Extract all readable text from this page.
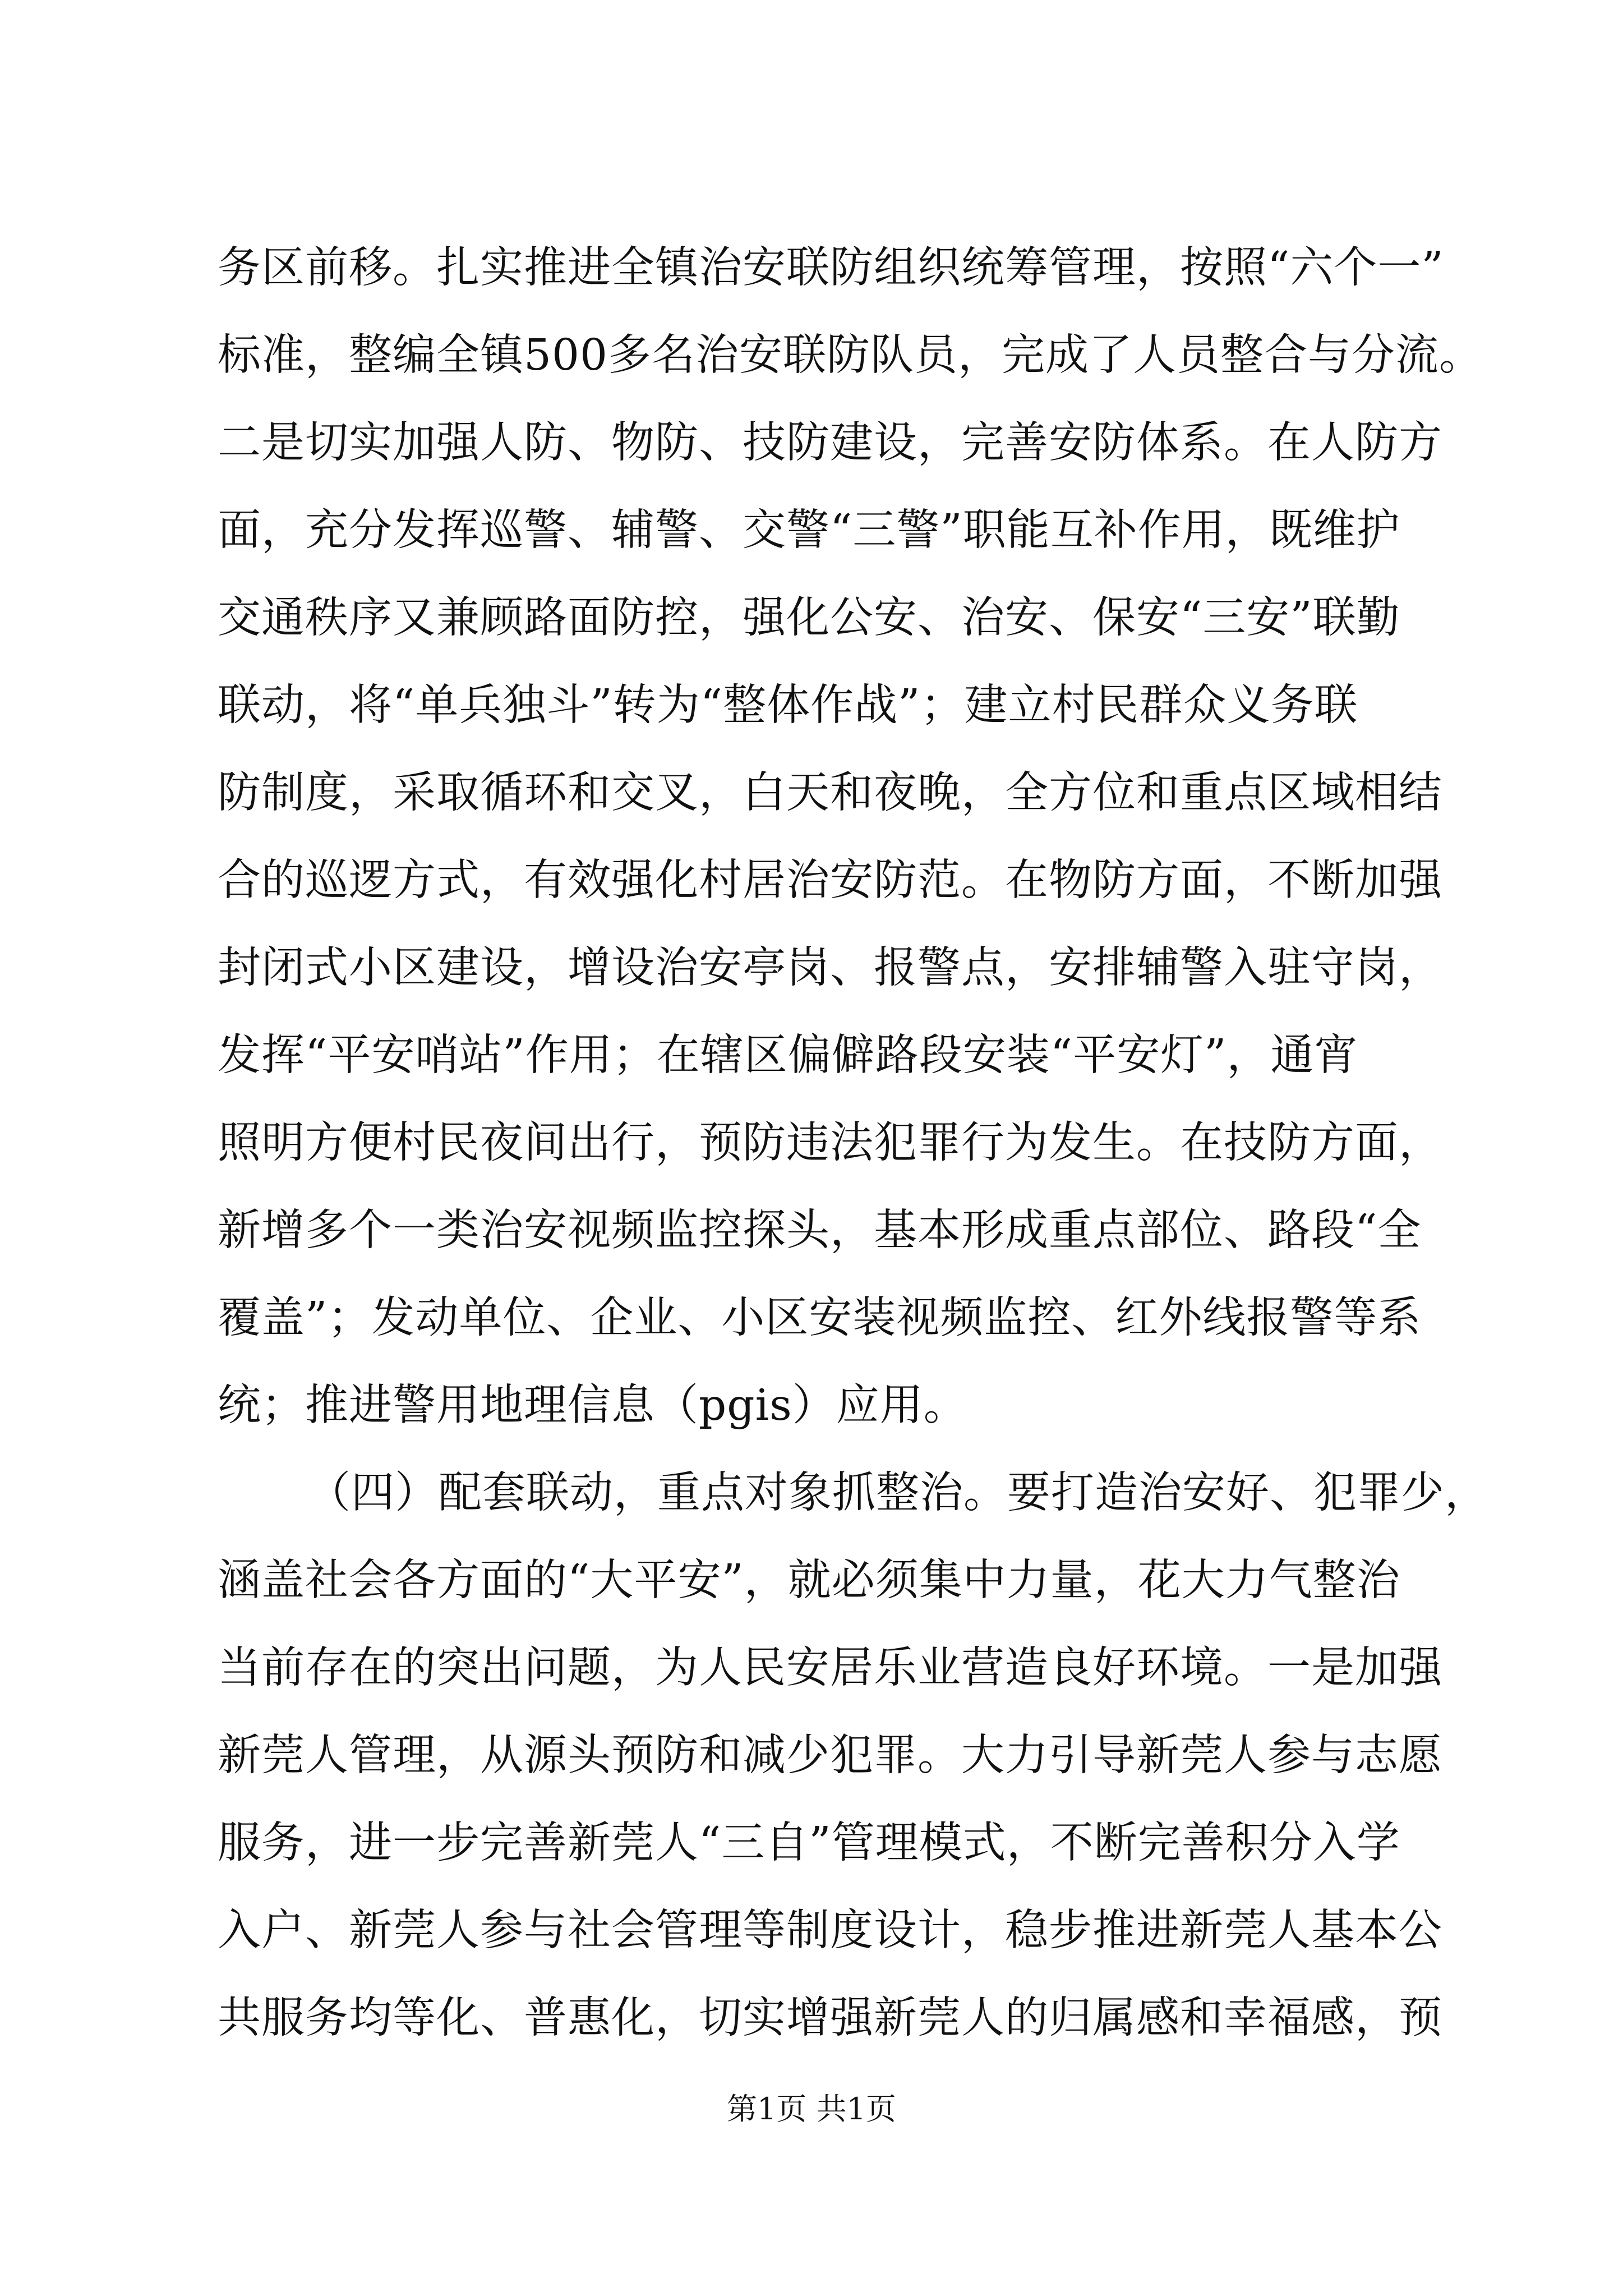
务区前移。扎实推进全镇治安联防组织统筹管理，按照“六个一”
标准，整编全镇500多名治安联防队员，完成了人员整合与分流。
二是切实加强人防、物防、技防建设，完善安防体系。在人防方
面，充分发挥巡警、辅警、交警“三警”职能互补作用，既维护
交通秩序又兼顾路面防控，强化公安、治安、保安“三安”联勤
联动，将“单兵独斗”转为“整体作战”；建立村民群众义务联
防制度，采取循环和交叉，白天和夜晚，全方位和重点区域相结
合的巡逻方式，有效强化村居治安防范。在物防方面，不断加强
封闭式小区建设，增设治安亭岗、报警点，安排辅警入驻守岗，
发挥“平安哨站”作用；在辖区偏僻路段安装“平安灯”，通宵
照明方便村民夜间出行，预防违法犯罪行为发生。在技防方面，
新增多个一类治安视频监控探头，基本形成重点部位、路段“全
覆盖”；发动单位、企业、小区安装视频监控、红外线报警等系
统；推进警用地理信息（pgis）应用。
（四）配套联动，重点对象抓整治。要打造治安好、犯罪少，
涵盖社会各方面的“大平安”，就必须集中力量，花大力气整治
当前存在的突出问题，为人民安居乐业营造良好环境。一是加强
新莞人管理，从源头预防和减少犯罪。大力引导新莞人参与志愿
服务，进一步完善新莞人“三自”管理模式，不断完善积分入学
入户、新莞人参与社会管理等制度设计，稳步推进新莞人基本公
共服务均等化、普惠化，切实增强新莞人的归属感和幸福感，预
第1页 共1页
